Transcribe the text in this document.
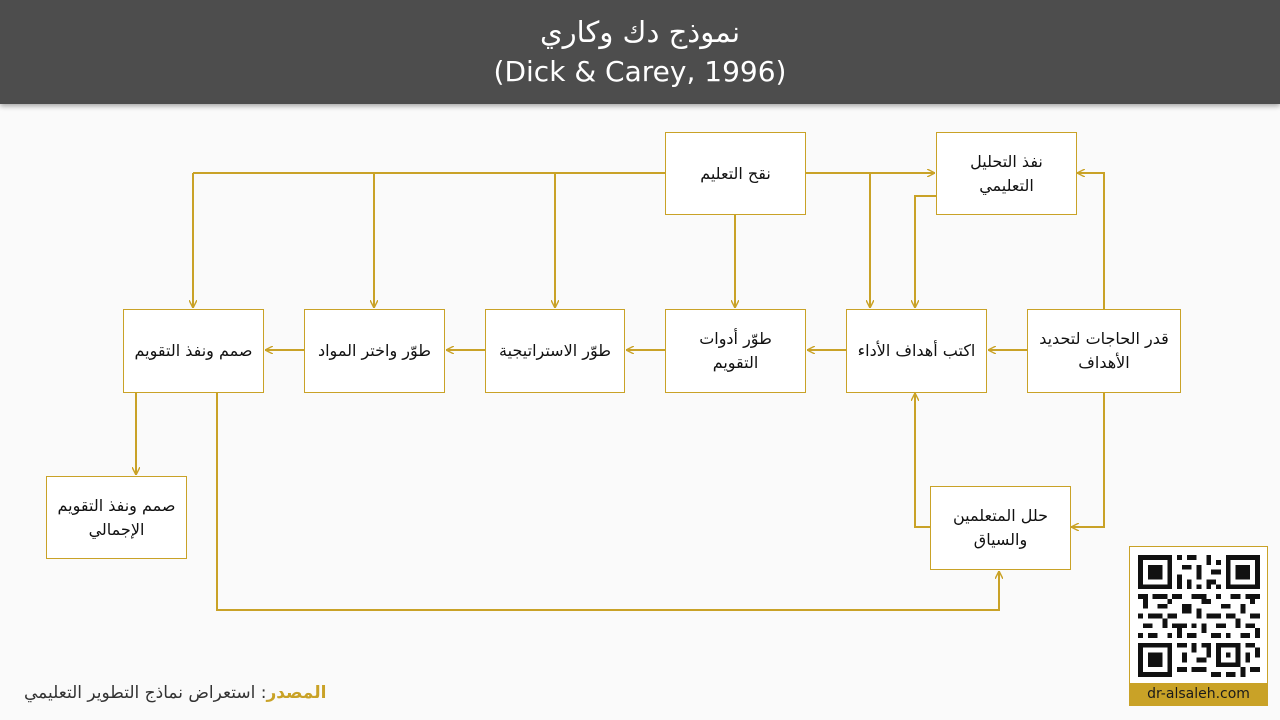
نموذج دك وكاري
(Dick & Carey, 1996)
نقح التعليم
نفذ التحليل التعليمي
قدر الحاجات لتحديد الأهداف
اكتب أهداف الأداء
طوّر أدوات التقويم
طوّر الاستراتيجية
طوّر واختر المواد
صمم ونفذ التقويم
صمم ونفذ التقويم الإجمالي
حلل المتعلمين والسياق
المصدر: استعراض نماذج التطوير التعليمي	dr-alsaleh.com
